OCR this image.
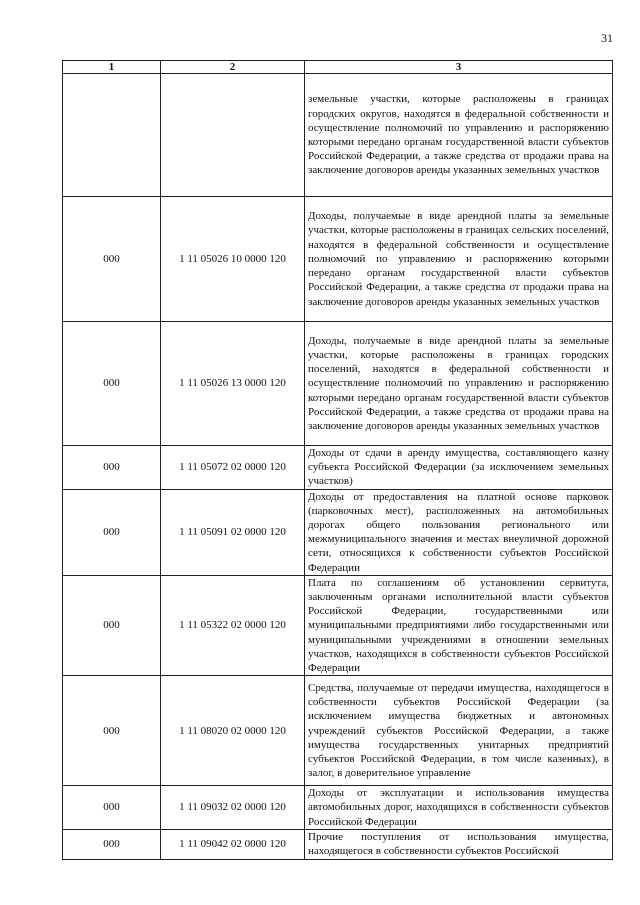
31
1	2	3
		земельные участки, которые расположены в границах городских округов, находятся в федеральной собственности и осуществление полномочий по управлению и распоряжению которыми передано органам государственной власти субъектов Российской Федерации, а также средства от продажи права на заключение договоров аренды указанных земельных участков
000	1 11 05026 10 0000 120	Доходы, получаемые в виде арендной платы за земельные участки, которые расположены в границах сельских поселений, находятся в федеральной собственности и осуществление полномочий по управлению и распоряжению которыми передано органам государственной власти субъектов Российской Федерации, а также средства от продажи права на заключение договоров аренды указанных земельных участков
000	1 11 05026 13 0000 120	Доходы, получаемые в виде арендной платы за земельные участки, которые расположены в границах городских поселений, находятся в федеральной собственности и осуществление полномочий по управлению и распоряжению которыми передано органам государственной власти субъектов Российской Федерации, а также средства от продажи права на заключение договоров аренды указанных земельных участков
000	1 11 05072 02 0000 120	Доходы от сдачи в аренду имущества, составляющего казну субъекта Российской Федерации (за исключением земельных участков)
000	1 11 05091 02 0000 120	Доходы от предоставления на платной основе парковок (парковочных мест), расположенных на автомобильных дорогах общего пользования регионального или межмуниципального значения и местах внеуличной дорожной сети, относящихся к собственности субъектов Российской Федерации
000	1 11 05322 02 0000 120	Плата по соглашениям об установлении сервитута, заключенным органами исполнительной власти субъектов Российской Федерации, государственными или муниципальными предприятиями либо государственными или муниципальными учреждениями в отношении земельных участков, находящихся в собственности субъектов Российской Федерации
000	1 11 08020 02 0000 120	Средства, получаемые от передачи имущества, находящегося в собственности субъектов Российской Федерации (за исключением имущества бюджетных и автономных учреждений субъектов Российской Федерации, а также имущества государственных унитарных предприятий субъектов Российской Федерации, в том числе казенных), в залог, в доверительное управление
000	1 11 09032 02 0000 120	Доходы от эксплуатации и использования имущества автомобильных дорог, находящихся в собственности субъектов Российской Федерации
000	1 11 09042 02 0000 120	Прочие поступления от использования имущества, находящегося в собственности субъектов Российской
